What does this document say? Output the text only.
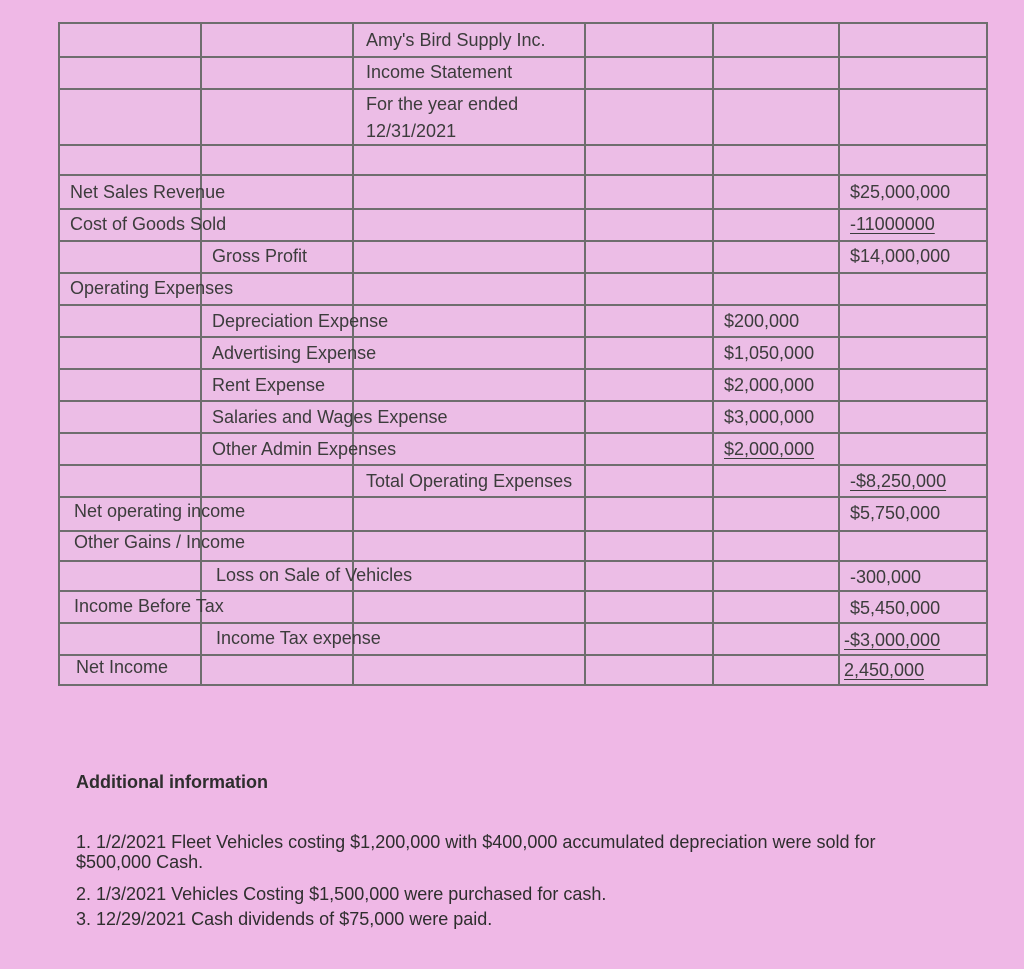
Amy's Bird Supply Inc.
Income Statement
For the year ended
12/31/2021
Net Sales Revenue	$25,000,000
Cost of Goods Sold	-11000000
Gross Profit	$14,000,000
Operating Expenses
Depreciation Expense	$200,000
Advertising Expense	$1,050,000
Rent Expense	$2,000,000
Salaries and Wages Expense	$3,000,000
Other Admin Expenses	$2,000,000
Total Operating Expenses	-$8,250,000
Net operating income	$5,750,000
Other Gains / Income
Loss on Sale of Vehicles	-300,000
Income Before Tax	$5,450,000
Income Tax expense	-$3,000,000
Net Income	2,450,000
Additional information
1. 1/2/2021 Fleet Vehicles costing $1,200,000 with $400,000 accumulated depreciation were sold for
$500,000 Cash.
2. 1/3/2021 Vehicles Costing $1,500,000 were purchased for cash.
3. 12/29/2021 Cash dividends of $75,000 were paid.
